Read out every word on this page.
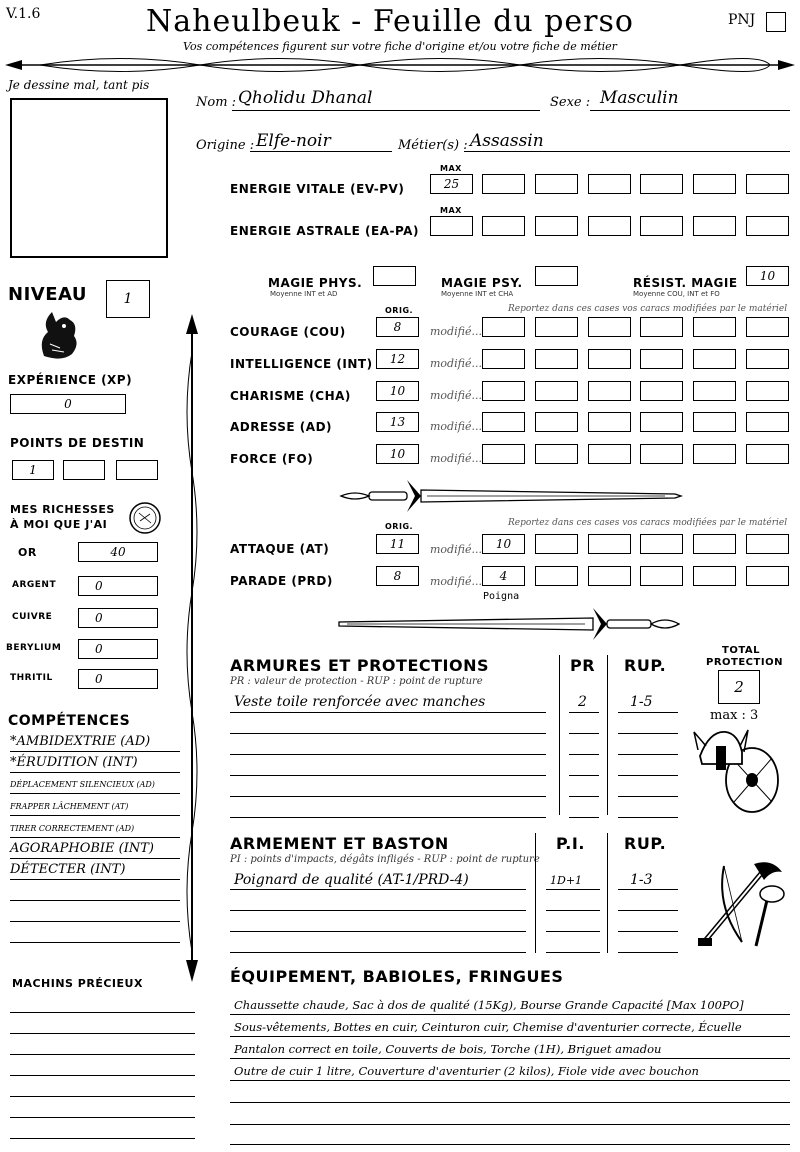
V.1.6	Naheulbeuk - Feuille du perso
Vos compétences figurent sur votre fiche d'origine et/ou votre fiche de métier
PNJ
Je dessine mal, tant pis
Nom : Qholidu Dhanal	Sexe : Masculin
Origine : Elfe-noir	Métier(s) : Assassin
MAX
ENERGIE VITALE (EV-PV)	25
MAX
ENERGIE ASTRALE (EA-PA)
MAGIE PHYS.
Moyenne INT et AD
MAGIE PSY.
Moyenne INT et CHA
RÉSIST. MAGIE
Moyenne COU, INT et FO
10
ORIG.	Reportez dans ces cases vos caracs modifiées par le matériel
COURAGE (COU)	8	modifié...
INTELLIGENCE (INT)	12	modifié...
CHARISME (CHA)	10	modifié...
ADRESSE (AD)	13	modifié...
FORCE (FO)	10	modifié...
ORIG.	Reportez dans ces cases vos caracs modifiées par le matériel
ATTAQUE (AT)	11	modifié...	10
PARADE (PRD)	8	modifié...	4
Poigna
NIVEAU	1
EXPÉRIENCE (XP)
0
POINTS DE DESTIN
1
MES RICHESSES
À MOI QUE J'AI
OR	40
ARGENT	0
CUIVRE	0
BERYLIUM	0
THRITIL	0
COMPÉTENCES
*AMBIDEXTRIE (AD)
*ÉRUDITION (INT)
DÉPLACEMENT SILENCIEUX (AD)
FRAPPER LÂCHEMENT (AT)
TIRER CORRECTEMENT (AD)
AGORAPHOBIE (INT)
DÉTECTER (INT)
MACHINS PRÉCIEUX
ARMURES ET PROTECTIONS
PR : valeur de protection - RUP : point de rupture
PR RUP.
Veste toile renforcée avec manches	2	1-5
TOTAL
PROTECTION
2
max : 3
ARMEMENT ET BASTON
PI : points d'impacts, dégâts infligés - RUP : point de rupture
P.I. RUP.
Poignard de qualité (AT-1/PRD-4)	1D+1	1-3
ÉQUIPEMENT, BABIOLES, FRINGUES
Chaussette chaude, Sac à dos de qualité (15Kg), Bourse Grande Capacité [Max 100PO]
Sous-vêtements, Bottes en cuir, Ceinturon cuir, Chemise d'aventurier correcte, Écuelle
Pantalon correct en toile, Couverts de bois, Torche (1H), Briguet amadou
Outre de cuir 1 litre, Couverture d'aventurier (2 kilos), Fiole vide avec bouchon
